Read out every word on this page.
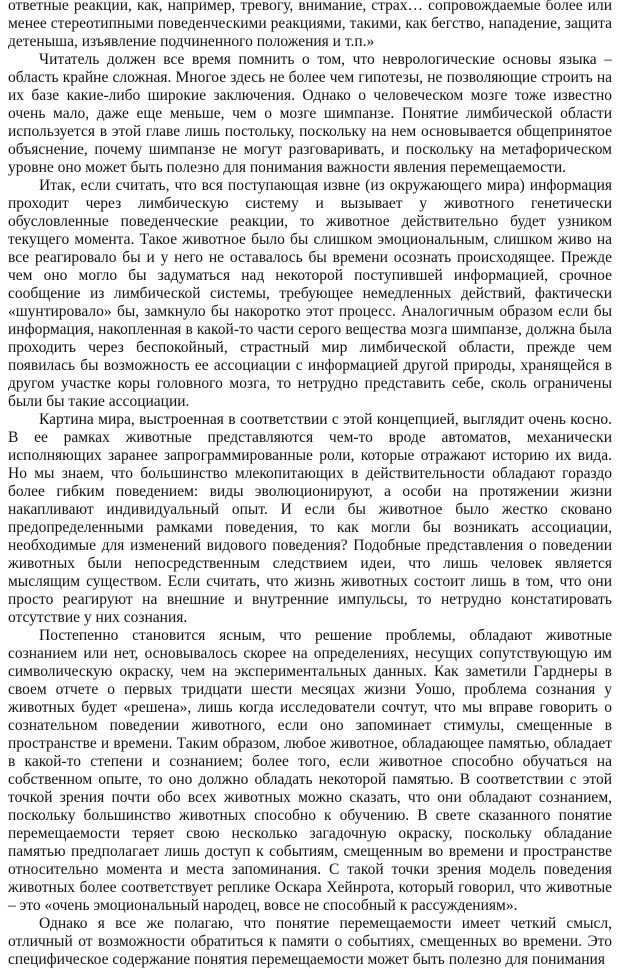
ответные реакции, как, например, тревогу, внимание, страх… сопровождаемые более или менее стереотипными поведенческими реакциями, такими, как бегство, нападение, защита детеныша, изъявление подчиненного положения и т.п.»

Читатель должен все время помнить о том, что неврологические основы языка – область крайне сложная. Многое здесь не более чем гипотезы, не позволяющие строить на их базе какие-либо широкие заключения. Однако о человеческом мозге тоже известно очень мало, даже еще меньше, чем о мозге шимпанзе. Понятие лимбической области используется в этой главе лишь постольку, поскольку на нем основывается общепринятое объяснение, почему шимпанзе не могут разговаривать, и поскольку на метафорическом уровне оно может быть полезно для понимания важности явления перемещаемости.

Итак, если считать, что вся поступающая извне (из окружающего мира) информация проходит через лимбическую систему и вызывает у животного генетически обусловленные поведенческие реакции, то животное действительно будет узником текущего момента. Такое животное было бы слишком эмоциональным, слишком живо на все реагировало бы и у него не оставалось бы времени осознать происходящее. Прежде чем оно могло бы задуматься над некоторой поступившей информацией, срочное сообщение из лимбической системы, требующее немедленных действий, фактически «шунтировало» бы, замкнуло бы накоротко этот процесс. Аналогичным образом если бы информация, накопленная в какой-то части серого вещества мозга шимпанзе, должна была проходить через беспокойный, страстный мир лимбической области, прежде чем появилась бы возможность ее ассоциации с информацией другой природы, хранящейся в другом участке коры головного мозга, то нетрудно представить себе, сколь ограничены были бы такие ассоциации.

Картина мира, выстроенная в соответствии с этой концепцией, выглядит очень косно. В ее рамках животные представляются чем-то вроде автоматов, механически исполняющих заранее запрограммированные роли, которые отражают историю их вида. Но мы знаем, что большинство млекопитающих в действительности обладают гораздо более гибким поведением: виды эволюционируют, а особи на протяжении жизни накапливают индивидуальный опыт. И если бы животное было жестко сковано предопределенными рамками поведения, то как могли бы возникать ассоциации, необходимые для изменений видового поведения? Подобные представления о поведении животных были непосредственным следствием идеи, что лишь человек является мыслящим существом. Если считать, что жизнь животных состоит лишь в том, что они просто реагируют на внешние и внутренние импульсы, то нетрудно констатировать отсутствие у них сознания.

Постепенно становится ясным, что решение проблемы, обладают животные сознанием или нет, основывалось скорее на определениях, несущих сопутствующую им символическую окраску, чем на экспериментальных данных. Как заметили Гарднеры в своем отчете о первых тридцати шести месяцах жизни Уошо, проблема сознания у животных будет «решена», лишь когда исследователи сочтут, что мы вправе говорить о сознательном поведении животного, если оно запоминает стимулы, смещенные в пространстве и времени. Таким образом, любое животное, обладающее памятью, обладает в какой-то степени и сознанием; более того, если животное способно обучаться на собственном опыте, то оно должно обладать некоторой памятью. В соответствии с этой точкой зрения почти обо всех животных можно сказать, что они обладают сознанием, поскольку большинство животных способно к обучению. В свете сказанного понятие перемещаемости теряет свою несколько загадочную окраску, поскольку обладание памятью предполагает лишь доступ к событиям, смещенным во времени и пространстве относительно момента и места запоминания. С такой точки зрения модель поведения животных более соответствует реплике Оскара Хейнрота, который говорил, что животные – это «очень эмоциональный народец, вовсе не способный к рассуждениям».

Однако я все же полагаю, что понятие перемещаемости имеет четкий смысл, отличный от возможности обратиться к памяти о событиях, смещенных во времени. Это специфическое содержание понятия перемещаемости может быть полезно для понимания
